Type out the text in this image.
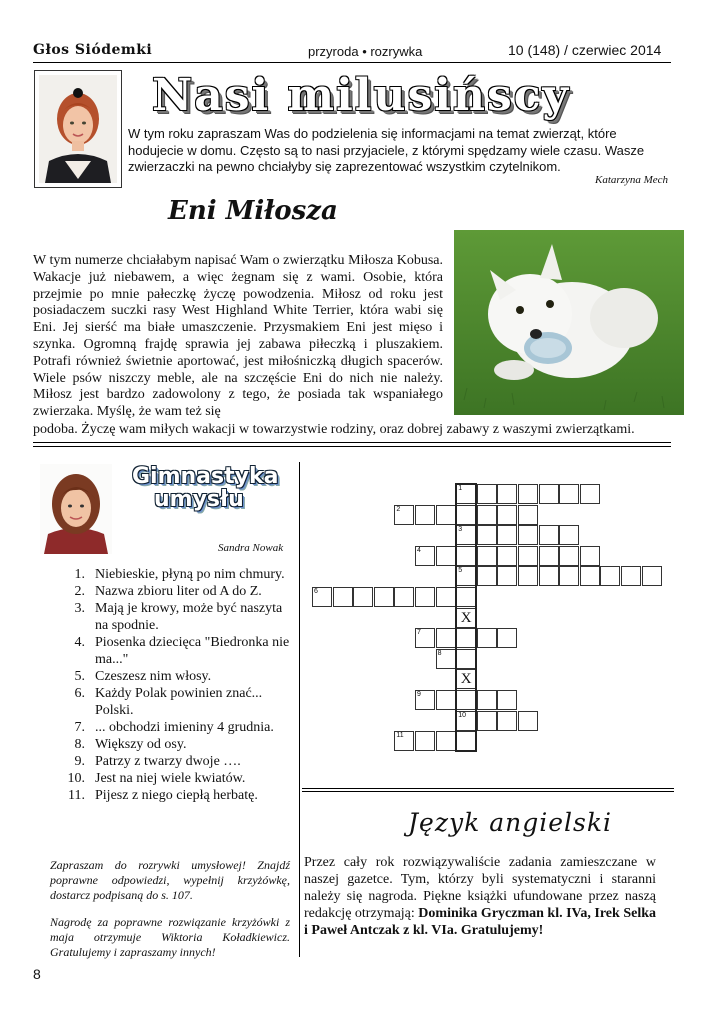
Głos Siódemki	przyroda • rozrywka	10 (148) / czerwiec 2014
Nasi milusińscy
W tym roku zapraszam Was do podzielenia się informacjami na temat zwierząt, które hodujecie w domu. Często są to nasi przyjaciele, z którymi spędzamy wiele czasu. Wasze zwierzaczki na pewno chciałyby się zaprezentować wszystkim czytelnikom.
Katarzyna Mech
Eni Miłosza
W tym numerze chciałabym napisać Wam o zwierzątku Miłosza Kobusa. Wakacje już niebawem, a więc żegnam się z wami. Osobie, która przejmie po mnie pałeczkę życzę powodzenia. Miłosz od roku jest posiadaczem suczki rasy West Highland White Terrier, która wabi się Eni. Jej sierść ma białe umaszczenie. Przysmakiem Eni jest mięso i szynka. Ogromną frajdę sprawia jej zabawa piłeczką i pluszakiem. Potrafi również świetnie aportować, jest miłośniczką długich spacerów. Wiele psów niszczy meble, ale na szczęście Eni do nich nie należy. Miłosz jest bardzo zadowolony z tego, że posiada tak wspaniałego zwierzaka. Myślę, że wam też się
podoba. Życzę wam miłych wakacji w towarzystwie rodziny, oraz dobrej zabawy z waszymi zwierzątkami.
Gimnastyka
umysłu
Sandra Nowak
1. Niebieskie, płyną po nim chmury.
2. Nazwa zbioru liter od A do Z.
3. Mają je krowy, może być naszyta na spodnie.
4. Piosenka dziecięca "Biedronka nie ma..."
5. Czeszesz nim włosy.
6. Każdy Polak powinien znać... Polski.
7. ... obchodzi imieniny 4 grudnia.
8. Większy od osy.
9. Patrzy z twarzy dwoje ….
10. Jest na niej wiele kwiatów.
11. Pijesz z niego ciepłą herbatę.

Zapraszam do rozrywki umysłowej! Znajdź poprawne odpowiedzi, wypełnij krzyżówkę, dostarcz podpisaną do s. 107.

Nagrodę za poprawne rozwiązanie krzyżówki z maja otrzymuje Wiktoria Koładkiewicz. Gratulujemy i zapraszamy innych!

1
2
3
4
5
6
X
7
8
X
9
10
11
Język angielski
Przez cały rok rozwiązywaliście zadania zamieszczane w naszej gazetce. Tym, którzy byli systematyczni i staranni należy się nagroda. Piękne książki ufundowane przez naszą redakcję otrzymają: Dominika Gryczman kl. IVa, Irek Selka i Paweł Antczak z kl. VIa. Gratulujemy!
8
